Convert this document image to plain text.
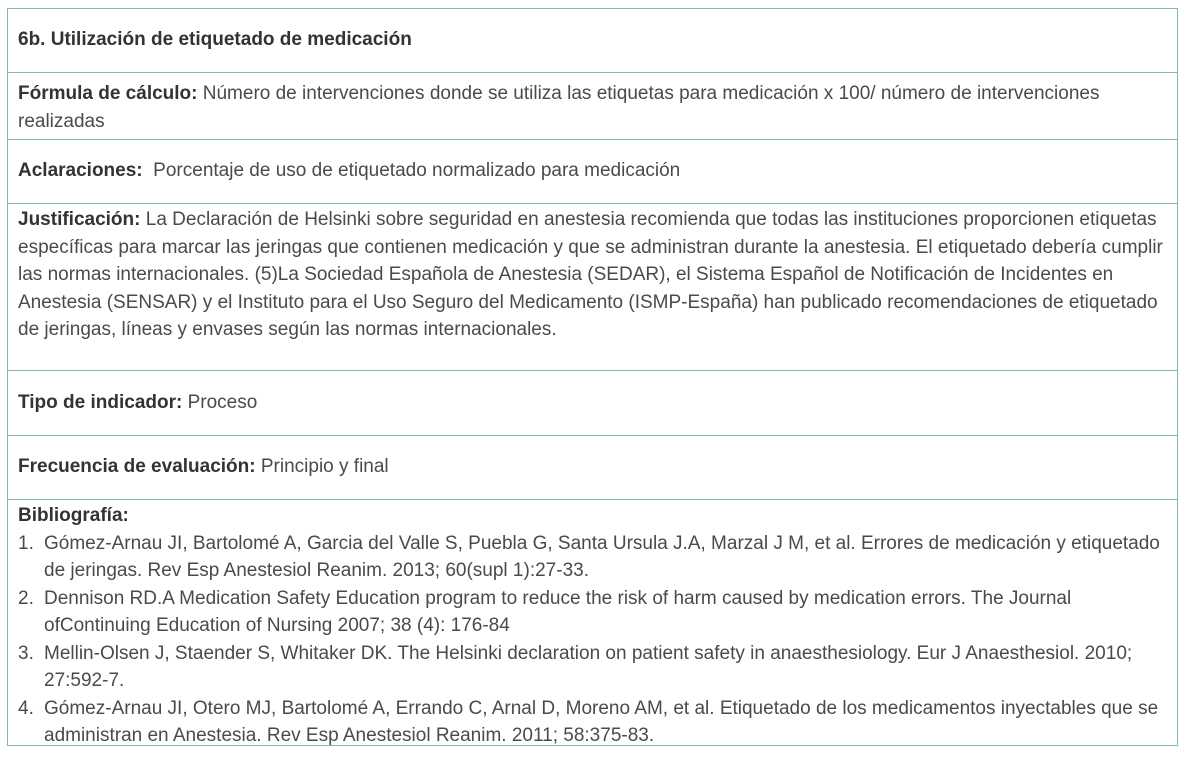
6b. Utilización de etiquetado de medicación
Fórmula de cálculo: Número de intervenciones donde se utiliza las etiquetas para medicación x 100/ número de intervenciones realizadas
Aclaraciones:  Porcentaje de uso de etiquetado normalizado para medicación
Justificación: La Declaración de Helsinki sobre seguridad en anestesia recomienda que todas las instituciones proporcionen etiquetas específicas para marcar las jeringas que contienen medicación y que se administran durante la anestesia. El etiquetado debería cumplir las normas internacionales. (5)La Sociedad Española de Anestesia (SEDAR), el Sistema Español de Notificación de Incidentes en Anestesia (SENSAR) y el Instituto para el Uso Seguro del Medicamento (ISMP-España) han publicado recomendaciones de etiquetado de jeringas, líneas y envases según las normas internacionales.
Tipo de indicador: Proceso
Frecuencia de evaluación: Principio y final
Bibliografía:
1. Gómez-Arnau JI, Bartolomé A, Garcia del Valle S, Puebla G, Santa Ursula J.A, Marzal J M, et al. Errores de medicación y etiquetado de jeringas. Rev Esp Anestesiol Reanim. 2013; 60(supl 1):27-33.
2. Dennison RD.A Medication Safety Education program to reduce the risk of harm caused by medication errors. The Journal ofContinuing Education of Nursing 2007; 38 (4): 176-84
3. Mellin-Olsen J, Staender S, Whitaker DK. The Helsinki declaration on patient safety in anaesthesiology. Eur J Anaesthesiol. 2010; 27:592-7.
4. Gómez-Arnau JI, Otero MJ, Bartolomé A, Errando C, Arnal D, Moreno AM, et al. Etiquetado de los medicamentos inyectables que se administran en Anestesia. Rev Esp Anestesiol Reanim. 2011; 58:375-83.
